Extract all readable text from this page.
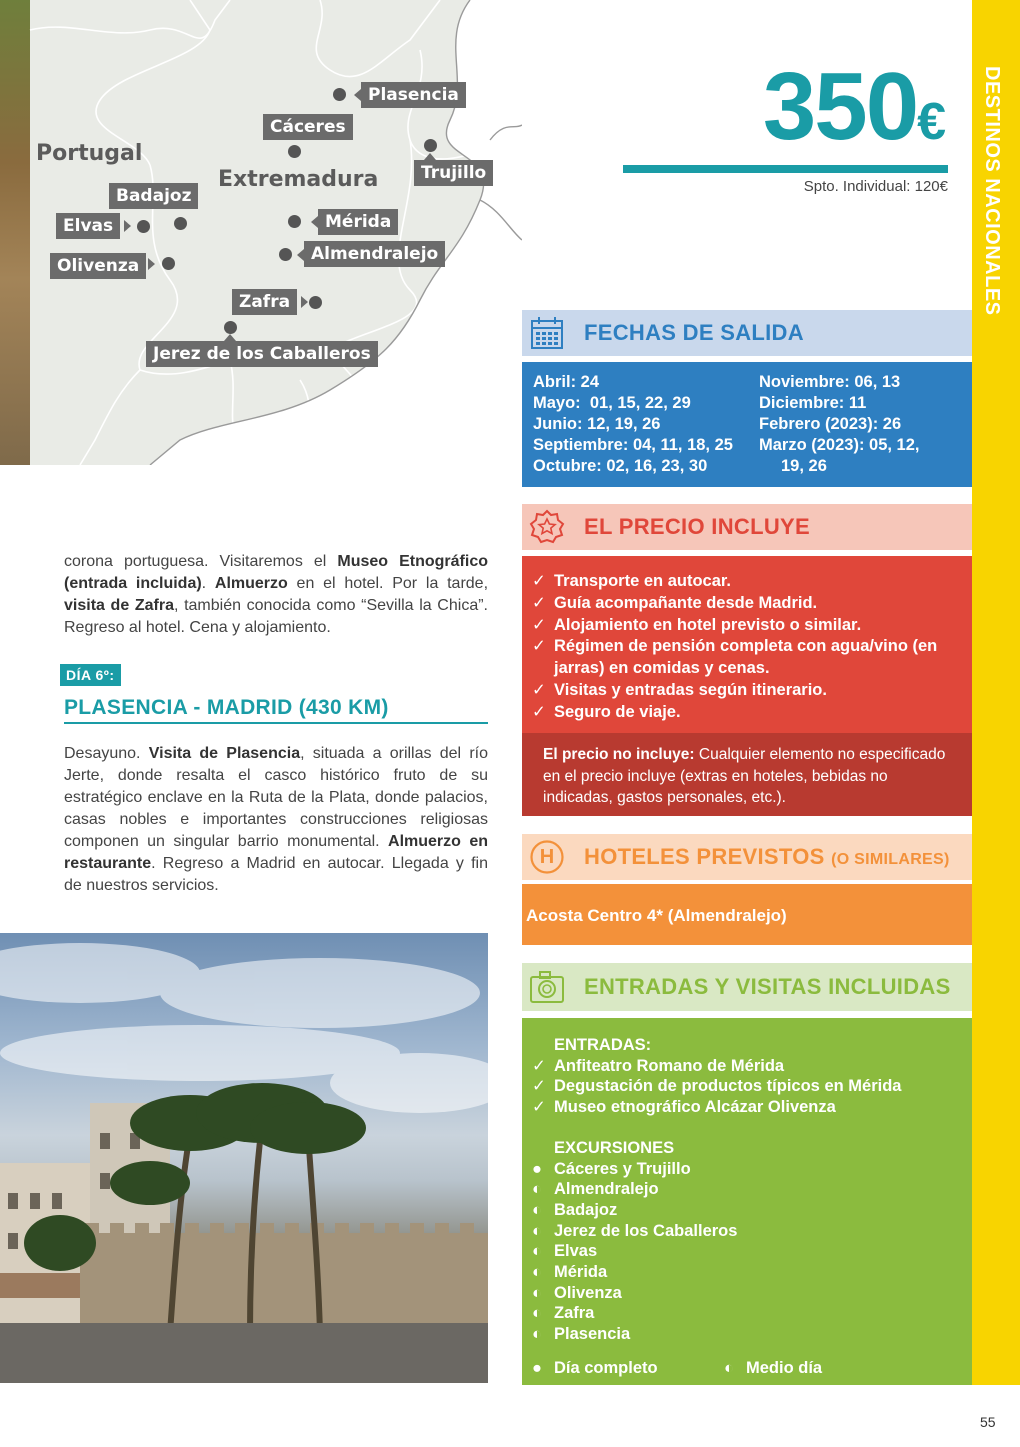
Portugal
Extremadura
Plasencia
Cáceres
Trujillo
Badajoz
Elvas	Mérida
Almendralejo
Olivenza
Zafra
Jerez de los Caballeros

corona portuguesa. Visitaremos el Museo Etnográfico (entrada incluida). Almuerzo en el hotel. Por la tarde, visita de Zafra, también conocida como “Sevilla la Chica”. Regreso al hotel. Cena y alojamiento.

DÍA 6º:
PLASENCIA - MADRID (430 KM)

Desayuno. Visita de Plasencia, situada a orillas del río Jerte, donde resalta el casco histórico fruto de su estratégico enclave en la Ruta de la Plata, donde palacios, casas nobles e importantes construcciones religiosas componen un singular barrio monumental. Almuerzo en restaurante. Regreso a Madrid en autocar. Llegada y fin de nuestros servicios.

350€
Spto. Individual: 120€
FECHAS DE SALIDA
Abril: 24
Mayo:  01, 15, 22, 29
Junio: 12, 19, 26
Septiembre: 04, 11, 18, 25
Octubre: 02, 16, 23, 30
Noviembre: 06, 13
Diciembre: 11
Febrero (2023): 26
Marzo (2023): 05, 12,
19, 26
EL PRECIO INCLUYE
✓ Transporte en autocar.
✓ Guía acompañante desde Madrid.
✓ Alojamiento en hotel previsto o similar.
✓ Régimen de pensión completa con agua/vino (en jarras) en comidas y cenas.
✓ Visitas y entradas según itinerario.
✓ Seguro de viaje.
El precio no incluye: Cualquier elemento no especificado en el precio incluye (extras en hoteles, bebidas no indicadas, gastos personales, etc.).
H HOTELES PREVISTOS (O SIMILARES)
Acosta Centro 4* (Almendralejo)
ENTRADAS Y VISITAS INCLUIDAS
ENTRADAS:
✓ Anfiteatro Romano de Mérida
✓ Degustación de productos típicos en Mérida
✓ Museo etnográfico Alcázar Olivenza
EXCURSIONES
● Cáceres y Trujillo
◐ Almendralejo
◐ Badajoz
◐ Jerez de los Caballeros
◐ Elvas
◐ Mérida
◐ Olivenza
◐ Zafra
◐ Plasencia
● Día completo	◐ Medio día
DESTINOS NACIONALES
55
